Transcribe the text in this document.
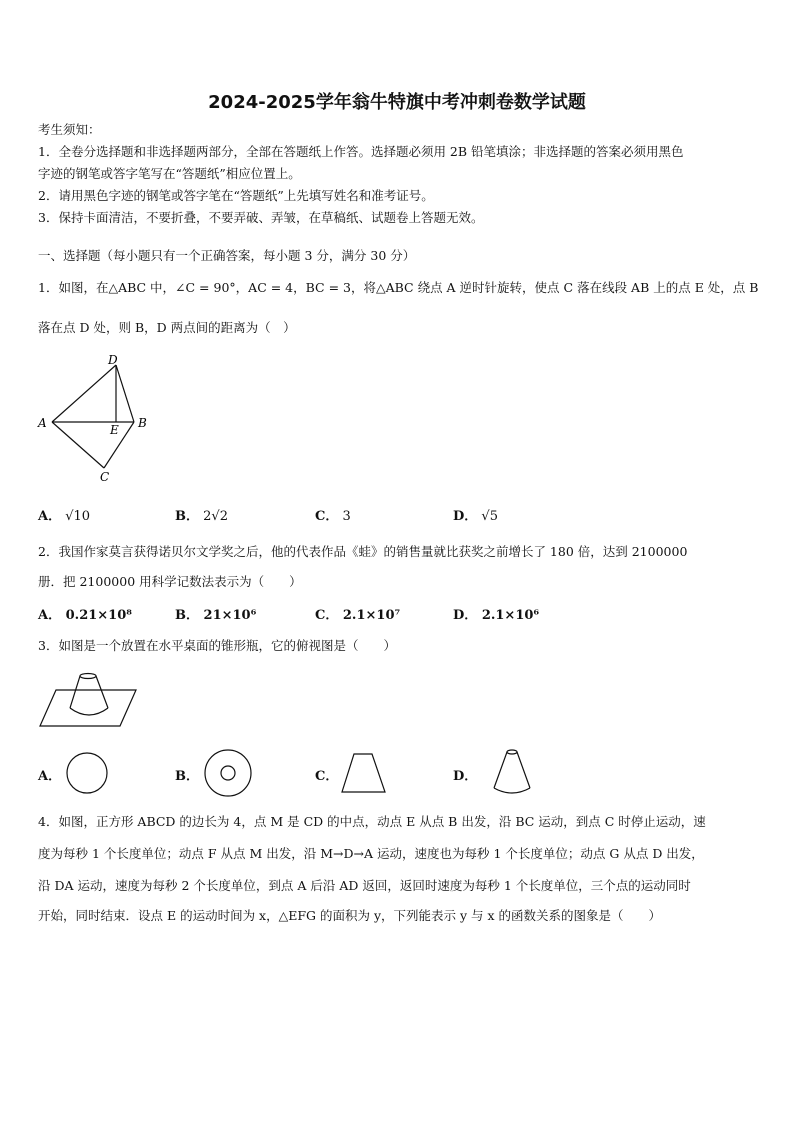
2024-2025学年翁牛特旗中考冲刺卷数学试题
考生须知：
1．全卷分选择题和非选择题两部分，全部在答题纸上作答。选择题必须用 2B 铅笔填涂；非选择题的答案必须用黑色
字迹的钢笔或答字笔写在“答题纸”相应位置上。
2．请用黑色字迹的钢笔或答字笔在“答题纸”上先填写姓名和准考证号。
3．保持卡面清洁，不要折叠，不要弄破、弄皱，在草稿纸、试题卷上答题无效。
一、选择题（每小题只有一个正确答案，每小题 3 分，满分 30 分）
1．如图，在△ABC 中，∠C = 90°，AC = 4，BC = 3，将△ABC 绕点 A 逆时针旋转，使点 C 落在线段 AB 上的点 E 处，点 B
落在点 D 处，则 B，D 两点间的距离为（　）
D
A	E B
C
A． √10	B． 2√2	C． 3	D． √5
2．我国作家莫言获得诺贝尔文学奖之后，他的代表作品《蛙》的销售量就比获奖之前增长了 180 倍，达到 2100000
册．把 2100000 用科学记数法表示为（　　）
A． 0.21×10⁸	B． 21×10⁶	C． 2.1×10⁷	D． 2.1×10⁶
3．如图是一个放置在水平桌面的锥形瓶，它的俯视图是（　　）
A．	B．	C．	D．
4．如图，正方形 ABCD 的边长为 4，点 M 是 CD 的中点，动点 E 从点 B 出发，沿 BC 运动，到点 C 时停止运动，速
度为每秒 1 个长度单位；动点 F 从点 M 出发，沿 M→D→A 运动，速度也为每秒 1 个长度单位；动点 G 从点 D 出发，
沿 DA 运动，速度为每秒 2 个长度单位，到点 A 后沿 AD 返回，返回时速度为每秒 1 个长度单位，三个点的运动同时
开始，同时结束．设点 E 的运动时间为 x，△EFG 的面积为 y，下列能表示 y 与 x 的函数关系的图象是（　　）
